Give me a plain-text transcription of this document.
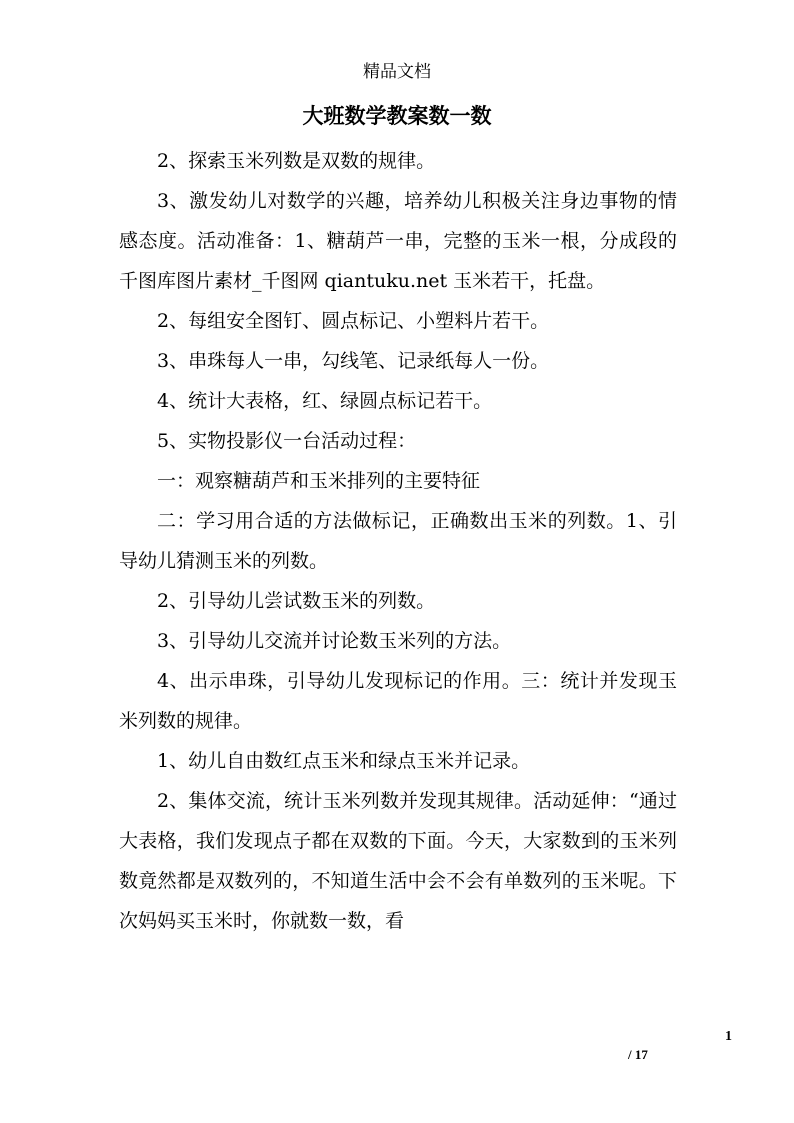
精品文档
大班数学教案数一数

2、探索玉米列数是双数的规律。

3、激发幼儿对数学的兴趣，培养幼儿积极关注身边事物的情感态度。活动准备：1、糖葫芦一串，完整的玉米一根，分成段的千图库图片素材_千图网 qiantuku.net 玉米若干，托盘。

2、每组安全图钉、圆点标记、小塑料片若干。

3、串珠每人一串，勾线笔、记录纸每人一份。

4、统计大表格，红、绿圆点标记若干。

5、实物投影仪一台活动过程：

一：观察糖葫芦和玉米排列的主要特征

二：学习用合适的方法做标记，正确数出玉米的列数。1、引导幼儿猜测玉米的列数。

2、引导幼儿尝试数玉米的列数。

3、引导幼儿交流并讨论数玉米列的方法。

4、出示串珠，引导幼儿发现标记的作用。三：统计并发现玉米列数的规律。

1、幼儿自由数红点玉米和绿点玉米并记录。

2、集体交流，统计玉米列数并发现其规律。活动延伸：“通过大表格，我们发现点子都在双数的下面。今天，大家数到的玉米列数竟然都是双数列的，不知道生活中会不会有单数列的玉米呢。下次妈妈买玉米时，你就数一数，看

1
/ 17
